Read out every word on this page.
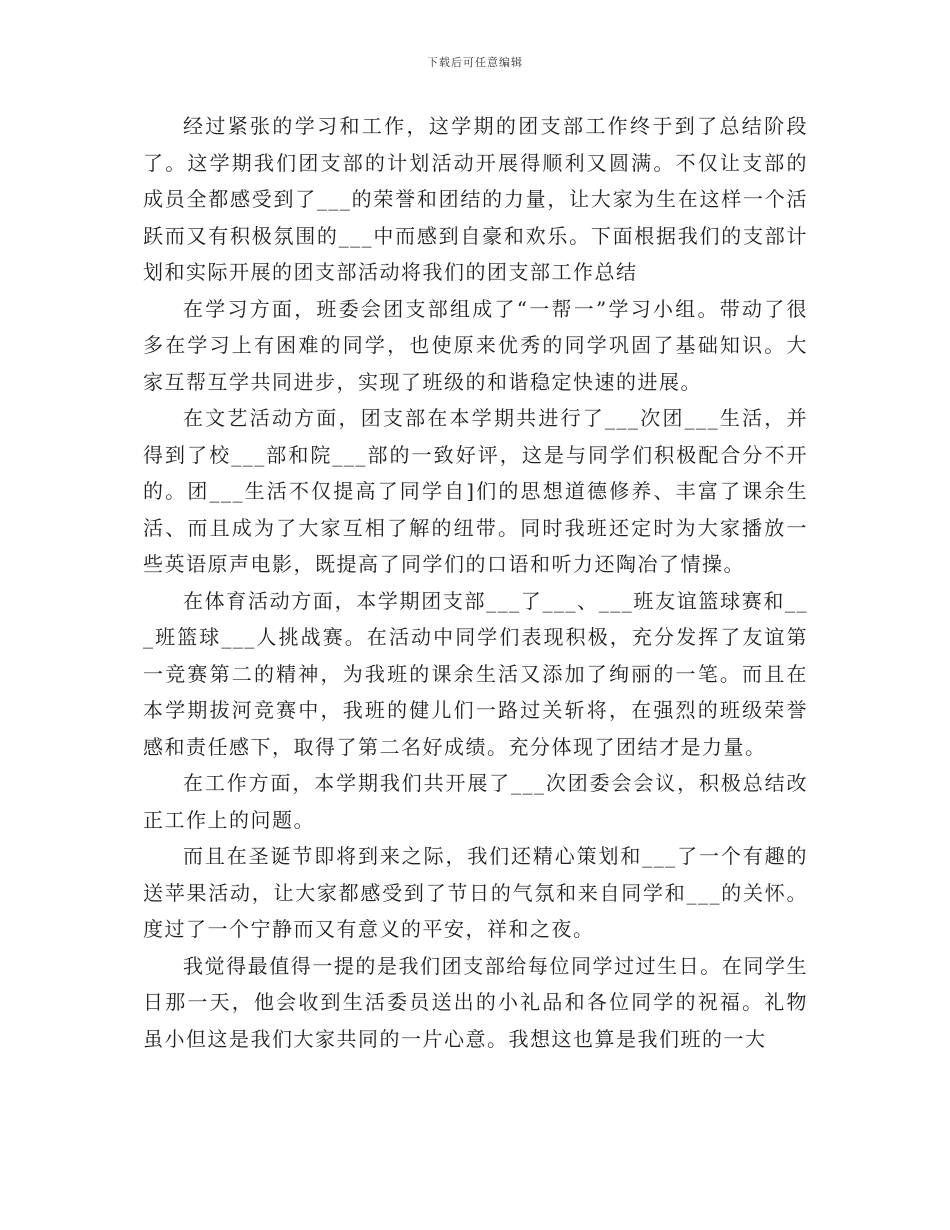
下载后可任意编辑

经过紧张的学习和工作，这学期的团支部工作终于到了总结阶段了。这学期我们团支部的计划活动开展得顺利又圆满。不仅让支部的成员全都感受到了___的荣誉和团结的力量，让大家为生在这样一个活跃而又有积极氛围的___中而感到自豪和欢乐。下面根据我们的支部计划和实际开展的团支部活动将我们的团支部工作总结

在学习方面，班委会团支部组成了“一帮一”学习小组。带动了很多在学习上有困难的同学，也使原来优秀的同学巩固了基础知识。大家互帮互学共同进步，实现了班级的和谐稳定快速的进展。

在文艺活动方面，团支部在本学期共进行了___次团___生活，并得到了校___部和院___部的一致好评，这是与同学们积极配合分不开的。团___生活不仅提高了同学自]们的思想道德修养、丰富了课余生活、而且成为了大家互相了解的纽带。同时我班还定时为大家播放一些英语原声电影，既提高了同学们的口语和听力还陶冶了情操。

在体育活动方面，本学期团支部___了___、___班友谊篮球赛和___班篮球___人挑战赛。在活动中同学们表现积极，充分发挥了友谊第一竞赛第二的精神，为我班的课余生活又添加了绚丽的一笔。而且在本学期拔河竞赛中，我班的健儿们一路过关斩将，在强烈的班级荣誉感和责任感下，取得了第二名好成绩。充分体现了团结才是力量。

在工作方面，本学期我们共开展了___次团委会会议，积极总结改正工作上的问题。

而且在圣诞节即将到来之际，我们还精心策划和___了一个有趣的送苹果活动，让大家都感受到了节日的气氛和来自同学和___的关怀。度过了一个宁静而又有意义的平安，祥和之夜。

我觉得最值得一提的是我们团支部给每位同学过过生日。在同学生日那一天，他会收到生活委员送出的小礼品和各位同学的祝福。礼物虽小但这是我们大家共同的一片心意。我想这也算是我们班的一大
